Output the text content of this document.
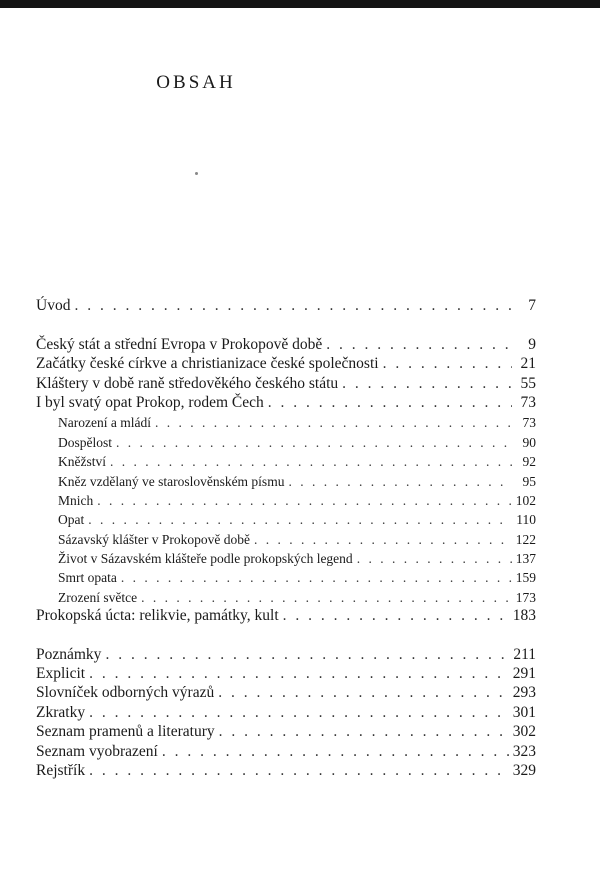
OBSAH
Úvod . . .	7
Český stát a střední Evropa v Prokopově době . . .	9
Začátky české církve a christianizace české společnosti . . .	21
Kláštery v době raně středověkého českého státu . . .	55
I byl svatý opat Prokop, rodem Čech . . .	73
Narození a mládí . . .	73
Dospělost . . .	90
Kněžství . . .	92
Kněz vzdělaný ve staroslověnském písmu . . .	95
Mnich . . .	102
Opat . . .	110
Sázavský klášter v Prokopově době . . .	122
Život v Sázavském klášteře podle prokopských legend . . .	137
Smrt opata . . .	159
Zrození světce . . .	173
Prokopská úcta: relikvie, památky, kult . . .	183
Poznámky . . .	211
Explicit . . .	291
Slovníček odborných výrazů . . .	293
Zkratky . . .	301
Seznam pramenů a literatury . . .	302
Seznam vyobrazení . . .	323
Rejstřík . . .	329
